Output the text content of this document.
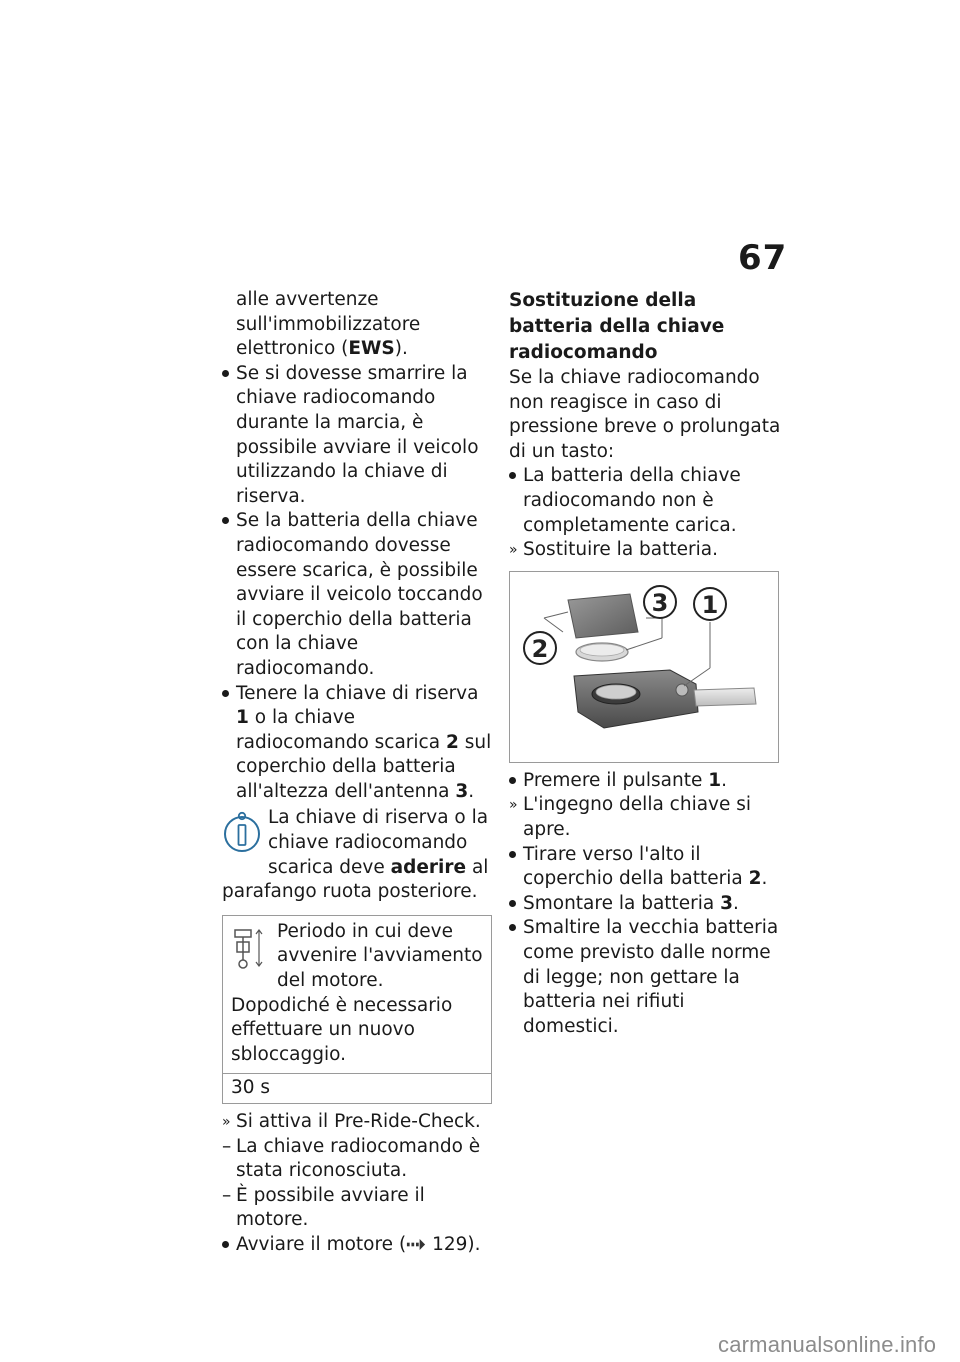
67

alle avvertenze sull'immobilizzatore elettronico (EWS).

Se si dovesse smarrire la chiave radiocomando durante la marcia, è possibile avviare il veicolo utilizzando la chiave di riserva.
Se la batteria della chiave radiocomando dovesse essere scarica, è possibile avviare il veicolo toccando il coperchio della batteria con la chiave radiocomando.
Tenere la chiave di riserva 1 o la chiave radiocomando scarica 2 sul coperchio della batteria all'altezza dell'antenna 3.
La chiave di riserva o la chiave radiocomando scarica deve aderire al parafango ruota posteriore.
Periodo in cui deve avvenire l'avviamento del motore. Dopodiché è necessario effettuare un nuovo sbloccaggio.
30 s
» Si attiva il Pre-Ride-Check.
– La chiave radiocomando è stata riconosciuta.
– È possibile avviare il motore.
Avviare il motore ( 129).
Sostituzione della batteria della chiave radiocomando

Se la chiave radiocomando non reagisce in caso di pressione breve o prolungata di un tasto:

La batteria della chiave radiocomando non è completamente carica.
» Sostituire la batteria.
3 1
2
Premere il pulsante 1.
» L'ingegno della chiave si apre.
Tirare verso l'alto il coperchio della batteria 2.
Smontare la batteria 3.
Smaltire la vecchia batteria come previsto dalle norme di legge; non gettare la batteria nei rifiuti domestici.
carmanualsonline.info
